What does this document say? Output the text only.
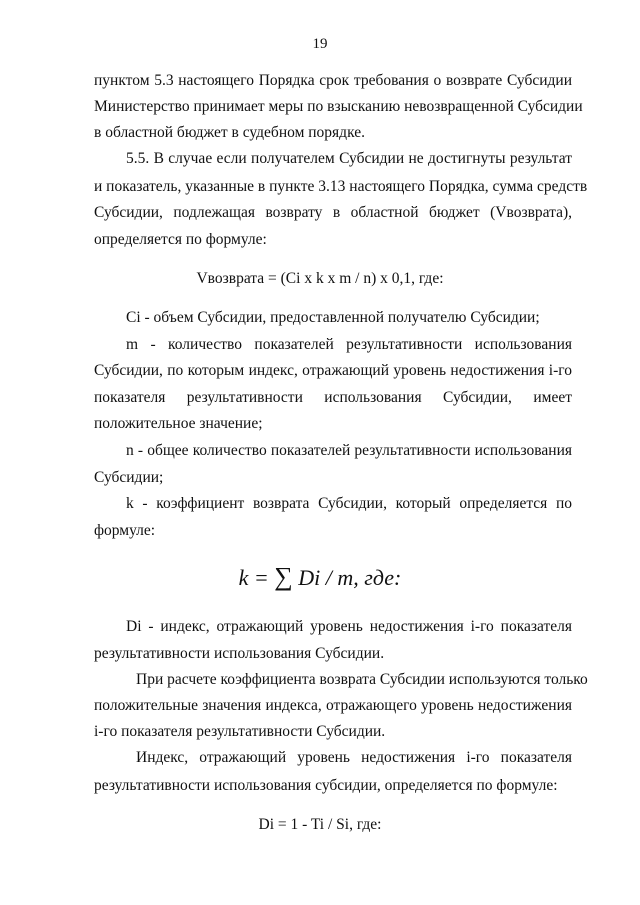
19
пунктом 5.3 настоящего Порядка срок требования о возврате Субсидии
Министерство принимает меры по взысканию невозвращенной Субсидии
в областной бюджет в судебном порядке.
5.5. В случае если получателем Субсидии не достигнуты результат
и показатель, указанные в пункте 3.13 настоящего Порядка, сумма средств
Субсидии, подлежащая возврату в областной бюджет (Vвозврата),
определяется по формуле:
Vвозврата = (Ci x k x m / n) x 0,1, где:
Ci - объем Субсидии, предоставленной получателю Субсидии;
m - количество показателей результативности использования
Субсидии, по которым индекс, отражающий уровень недостижения i-го
показателя результативности использования Субсидии, имеет
положительное значение;
n - общее количество показателей результативности использования
Субсидии;
k - коэффициент возврата Субсидии, который определяется по
формуле:
k = ∑ Di / m, где:
Di - индекс, отражающий уровень недостижения i-го показателя
результативности использования Субсидии.
При расчете коэффициента возврата Субсидии используются только
положительные значения индекса, отражающего уровень недостижения
i-го показателя результативности Субсидии.
Индекс, отражающий уровень недостижения i-го показателя
результативности использования субсидии, определяется по формуле:
Di = 1 - Ti / Si, где:
